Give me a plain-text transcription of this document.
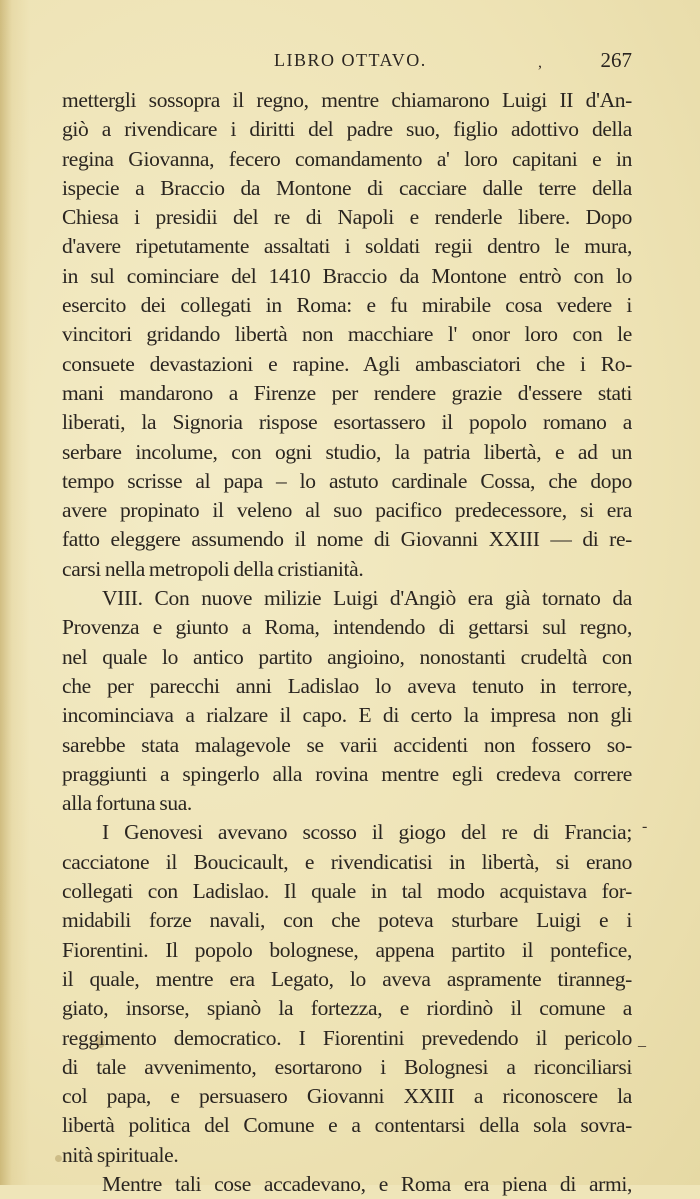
LIBRO OTTAVO.	267
,
-
_
mettergli sossopra il regno, mentre chiamarono Luigi II d'An-
giò a rivendicare i diritti del padre suo, figlio adottivo della
regina Giovanna, fecero comandamento a' loro capitani e in
ispecie a Braccio da Montone di cacciare dalle terre della
Chiesa i presidii del re di Napoli e renderle libere. Dopo
d'avere ripetutamente assaltati i soldati regii dentro le mura,
in sul cominciare del 1410 Braccio da Montone entrò con lo
esercito dei collegati in Roma: e fu mirabile cosa vedere i
vincitori gridando libertà non macchiare l' onor loro con le
consuete devastazioni e rapine. Agli ambasciatori che i Ro-
mani mandarono a Firenze per rendere grazie d'essere stati
liberati, la Signoria rispose esortassero il popolo romano a
serbare incolume, con ogni studio, la patria libertà, e ad un
tempo scrisse al papa – lo astuto cardinale Cossa, che dopo
avere propinato il veleno al suo pacifico predecessore, si era
fatto eleggere assumendo il nome di Giovanni XXIII — di re-
carsi nella metropoli della cristianità.
VIII. Con nuove milizie Luigi d'Angiò era già tornato da
Provenza e giunto a Roma, intendendo di gettarsi sul regno,
nel quale lo antico partito angioino, nonostanti crudeltà con
che per parecchi anni Ladislao lo aveva tenuto in terrore,
incominciava a rialzare il capo. E di certo la impresa non gli
sarebbe stata malagevole se varii accidenti non fossero so-
praggiunti a spingerlo alla rovina mentre egli credeva correre
alla fortuna sua.
I Genovesi avevano scosso il giogo del re di Francia;
cacciatone il Boucicault, e rivendicatisi in libertà, si erano
collegati con Ladislao. Il quale in tal modo acquistava for-
midabili forze navali, con che poteva sturbare Luigi e i
Fiorentini. Il popolo bolognese, appena partito il pontefice,
il quale, mentre era Legato, lo aveva aspramente tiranneg-
giato, insorse, spianò la fortezza, e riordinò il comune a
reggimento democratico. I Fiorentini prevedendo il pericolo
di tale avvenimento, esortarono i Bolognesi a riconciliarsi
col papa, e persuasero Giovanni XXIII a riconoscere la
libertà politica del Comune e a contentarsi della sola sovra-
nità spirituale.
Mentre tali cose accadevano, e Roma era piena di armi,
